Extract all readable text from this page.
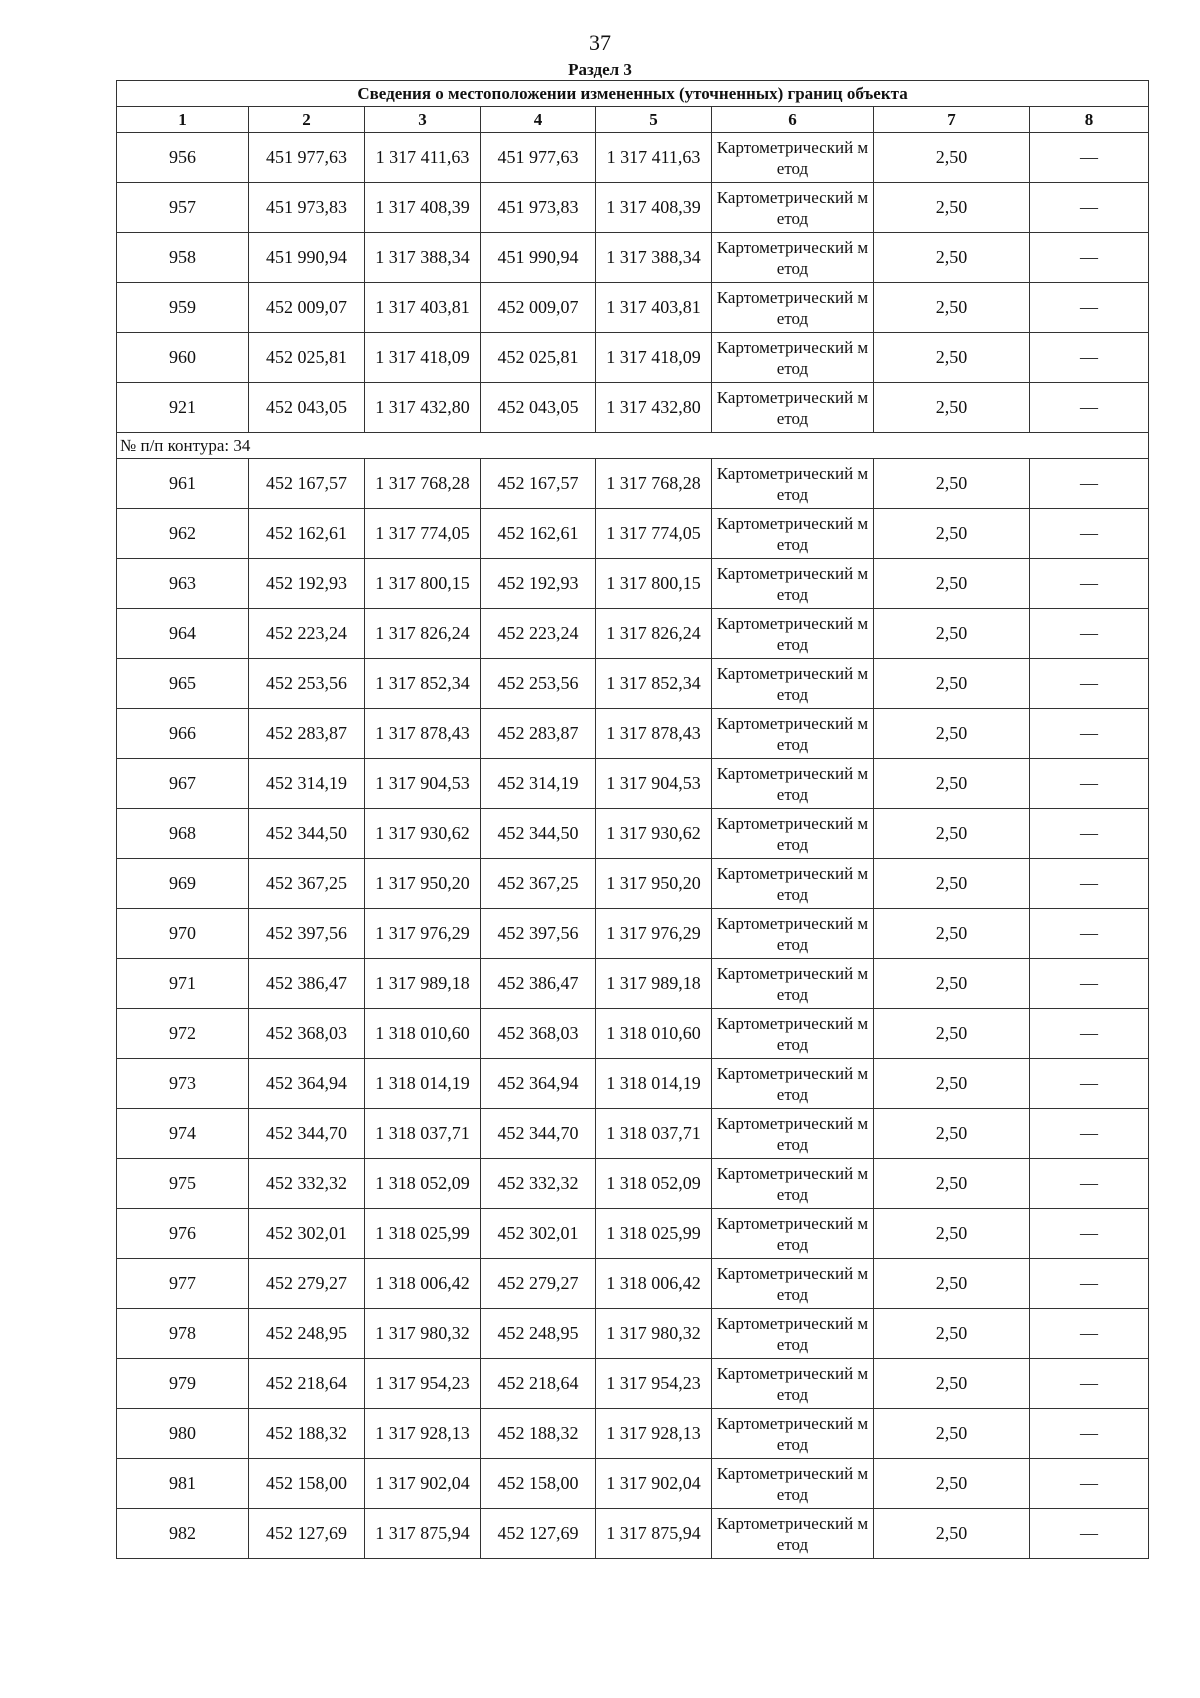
37
Раздел 3
Сведения о местоположении измененных (уточненных) границ объекта							
1	2	3	4	5	6	7	8
956	451 977,63	1 317 411,63	451 977,63	1 317 411,63	Картометрический метод	2,50	—
957	451 973,83	1 317 408,39	451 973,83	1 317 408,39	Картометрический метод	2,50	—
958	451 990,94	1 317 388,34	451 990,94	1 317 388,34	Картометрический метод	2,50	—
959	452 009,07	1 317 403,81	452 009,07	1 317 403,81	Картометрический метод	2,50	—
960	452 025,81	1 317 418,09	452 025,81	1 317 418,09	Картометрический метод	2,50	—
921	452 043,05	1 317 432,80	452 043,05	1 317 432,80	Картометрический метод	2,50	—
№ п/п контура: 34							
961	452 167,57	1 317 768,28	452 167,57	1 317 768,28	Картометрический метод	2,50	—
962	452 162,61	1 317 774,05	452 162,61	1 317 774,05	Картометрический метод	2,50	—
963	452 192,93	1 317 800,15	452 192,93	1 317 800,15	Картометрический метод	2,50	—
964	452 223,24	1 317 826,24	452 223,24	1 317 826,24	Картометрический метод	2,50	—
965	452 253,56	1 317 852,34	452 253,56	1 317 852,34	Картометрический метод	2,50	—
966	452 283,87	1 317 878,43	452 283,87	1 317 878,43	Картометрический метод	2,50	—
967	452 314,19	1 317 904,53	452 314,19	1 317 904,53	Картометрический метод	2,50	—
968	452 344,50	1 317 930,62	452 344,50	1 317 930,62	Картометрический метод	2,50	—
969	452 367,25	1 317 950,20	452 367,25	1 317 950,20	Картометрический метод	2,50	—
970	452 397,56	1 317 976,29	452 397,56	1 317 976,29	Картометрический метод	2,50	—
971	452 386,47	1 317 989,18	452 386,47	1 317 989,18	Картометрический метод	2,50	—
972	452 368,03	1 318 010,60	452 368,03	1 318 010,60	Картометрический метод	2,50	—
973	452 364,94	1 318 014,19	452 364,94	1 318 014,19	Картометрический метод	2,50	—
974	452 344,70	1 318 037,71	452 344,70	1 318 037,71	Картометрический метод	2,50	—
975	452 332,32	1 318 052,09	452 332,32	1 318 052,09	Картометрический метод	2,50	—
976	452 302,01	1 318 025,99	452 302,01	1 318 025,99	Картометрический метод	2,50	—
977	452 279,27	1 318 006,42	452 279,27	1 318 006,42	Картометрический метод	2,50	—
978	452 248,95	1 317 980,32	452 248,95	1 317 980,32	Картометрический метод	2,50	—
979	452 218,64	1 317 954,23	452 218,64	1 317 954,23	Картометрический метод	2,50	—
980	452 188,32	1 317 928,13	452 188,32	1 317 928,13	Картометрический метод	2,50	—
981	452 158,00	1 317 902,04	452 158,00	1 317 902,04	Картометрический метод	2,50	—
982	452 127,69	1 317 875,94	452 127,69	1 317 875,94	Картометрический метод	2,50	—
